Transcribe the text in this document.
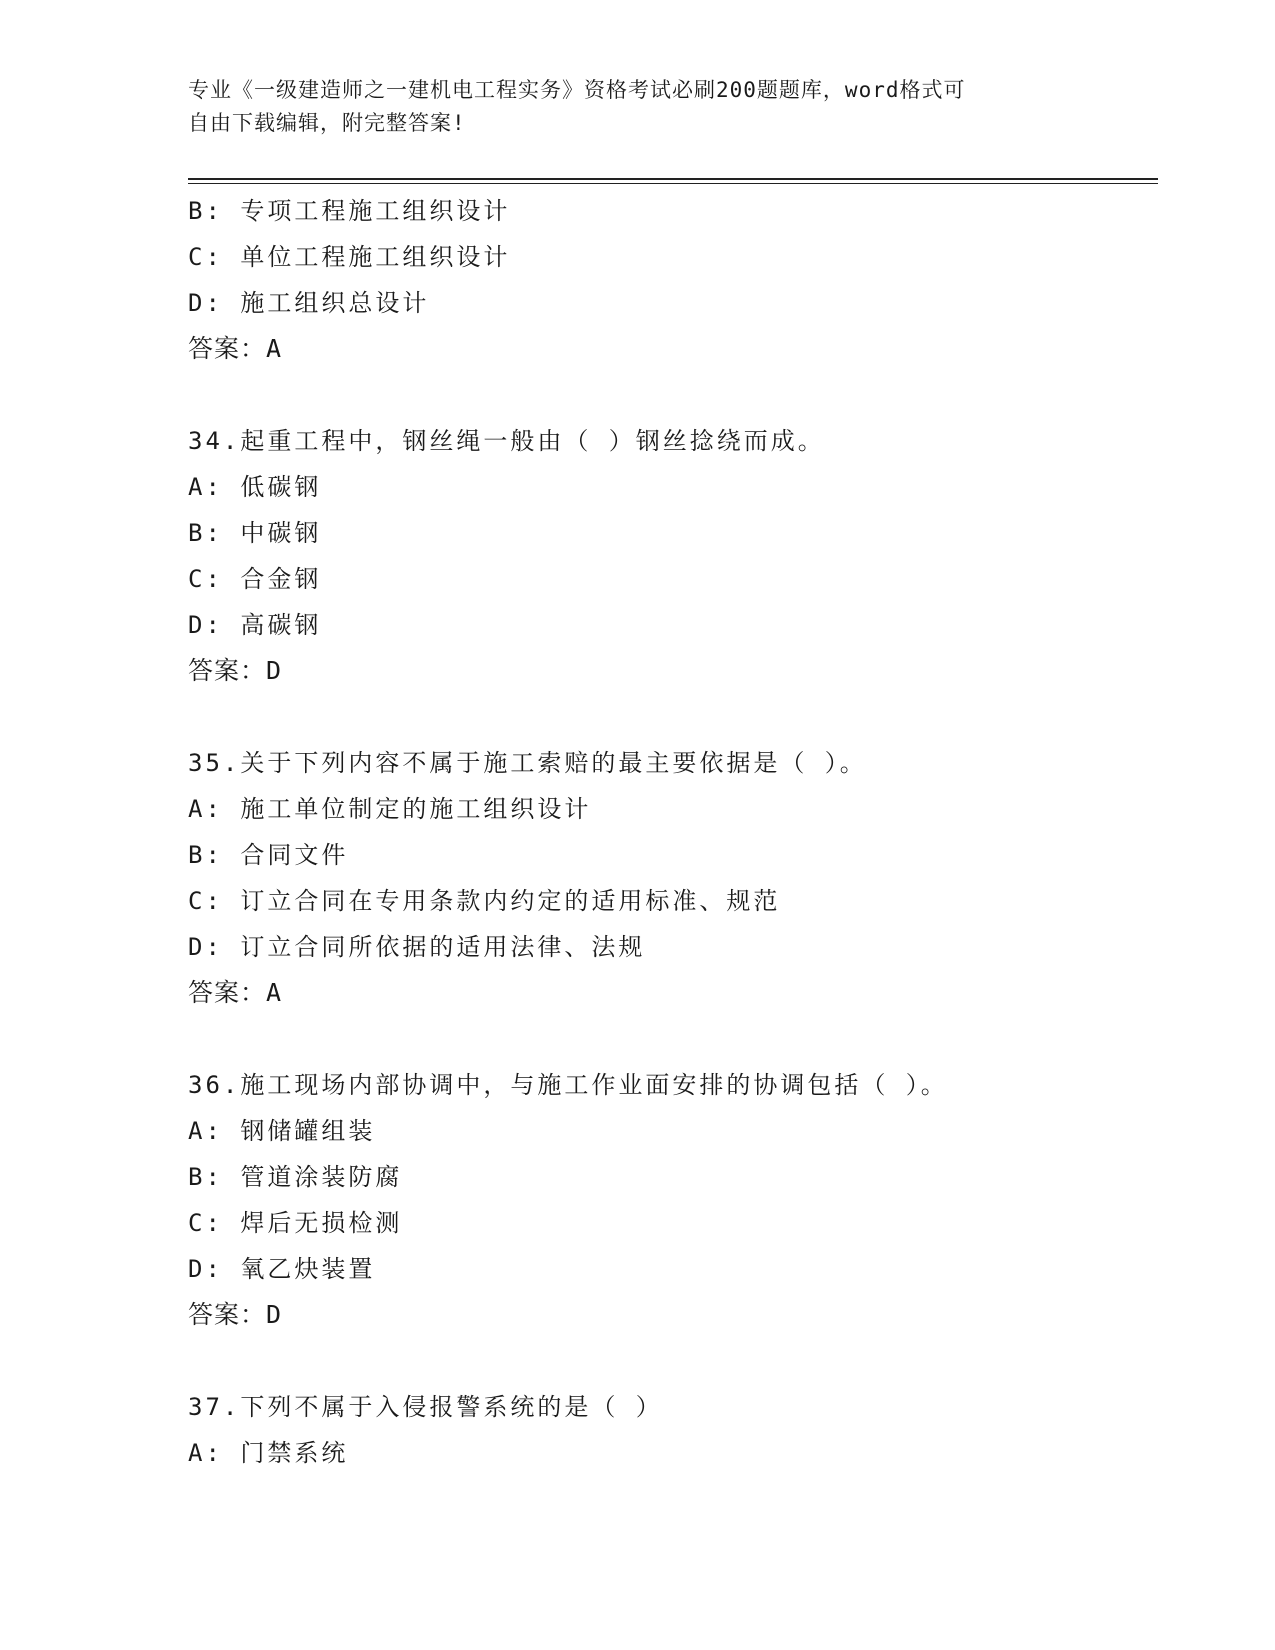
专业《一级建造师之一建机电工程实务》资格考试必刷200题题库，word格式可
自由下载编辑，附完整答案!
B: 专项工程施工组织设计
C: 单位工程施工组织设计
D: 施工组织总设计
答案：A
34.起重工程中，钢丝绳一般由（ ）钢丝捻绕而成。
A: 低碳钢
B: 中碳钢
C: 合金钢
D: 高碳钢
答案：D
35.关于下列内容不属于施工索赔的最主要依据是（ ）。
A: 施工单位制定的施工组织设计
B: 合同文件
C: 订立合同在专用条款内约定的适用标准、规范
D: 订立合同所依据的适用法律、法规
答案：A
36.施工现场内部协调中，与施工作业面安排的协调包括（ ）。
A: 钢储罐组装
B: 管道涂装防腐
C: 焊后无损检测
D: 氧乙炔装置
答案：D
37.下列不属于入侵报警系统的是（ ）
A: 门禁系统
